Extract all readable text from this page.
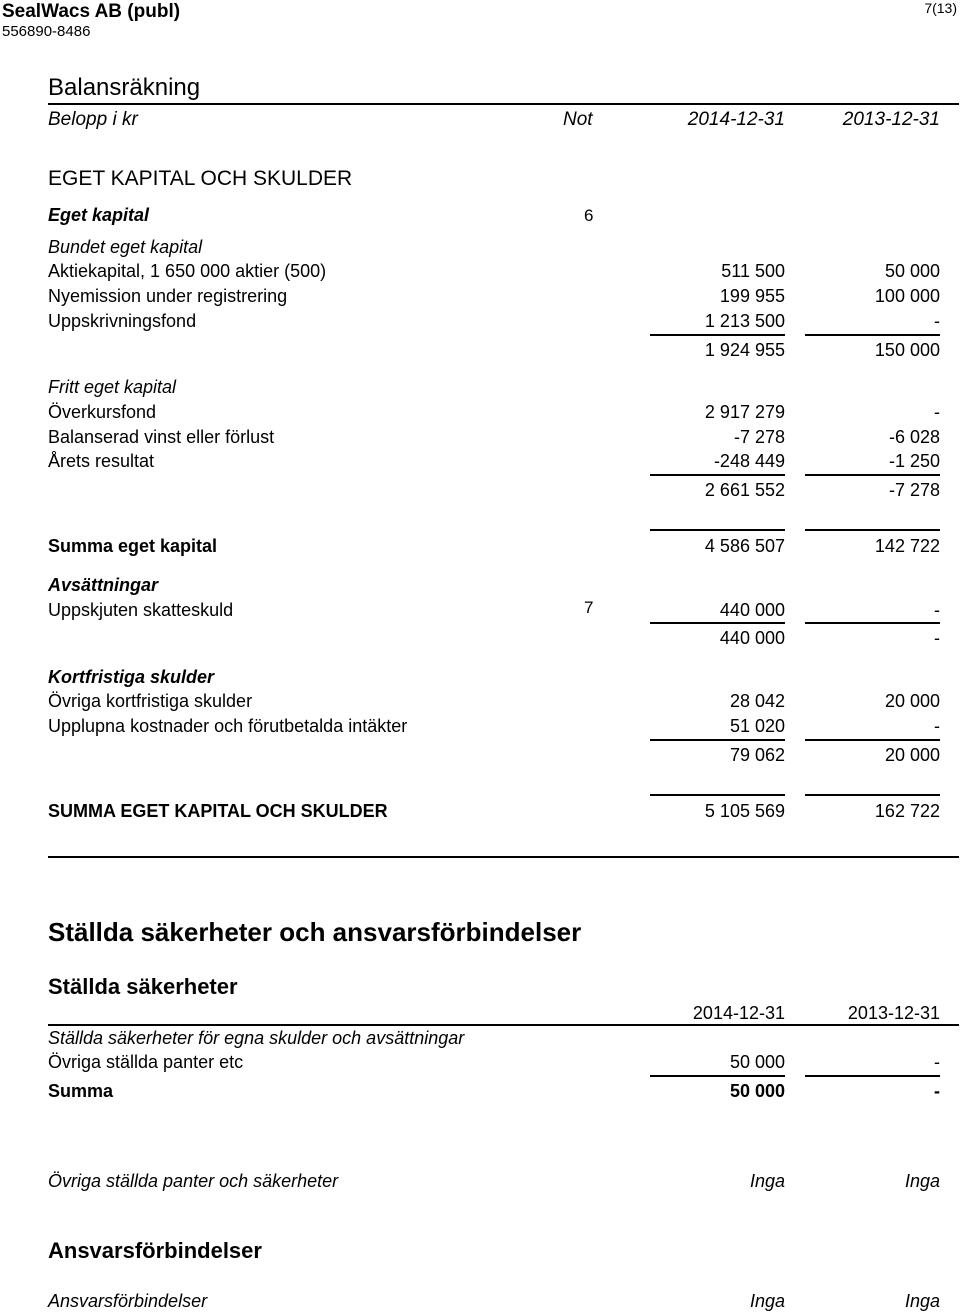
SealWacs AB (publ)
556890-8486
7(13)
Balansräkning
Belopp i kr	Not	2014-12-31	2013-12-31
EGET KAPITAL OCH SKULDER
Eget kapital	6
Bundet eget kapital
Aktiekapital, 1 650 000 aktier (500)	511 500	50 000
Nyemission under registrering	199 955	100 000
Uppskrivningsfond	1 213 500	-
1 924 955	150 000
Fritt eget kapital
Överkursfond	2 917 279	-
Balanserad vinst eller förlust	-7 278	-6 028
Årets resultat	-248 449	-1 250
2 661 552	-7 278
Summa eget kapital	4 586 507	142 722
Avsättningar
Uppskjuten skatteskuld	7	440 000	-
440 000	-
Kortfristiga skulder
Övriga kortfristiga skulder	28 042	20 000
Upplupna kostnader och förutbetalda intäkter	51 020	-
79 062	20 000
SUMMA EGET KAPITAL OCH SKULDER	5 105 569	162 722
Ställda säkerheter och ansvarsförbindelser
Ställda säkerheter
2014-12-31	2013-12-31
Ställda säkerheter för egna skulder och avsättningar
Övriga ställda panter etc	50 000	-
Summa	50 000	-
Övriga ställda panter och säkerheter	Inga	Inga
Ansvarsförbindelser
Ansvarsförbindelser	Inga	Inga
